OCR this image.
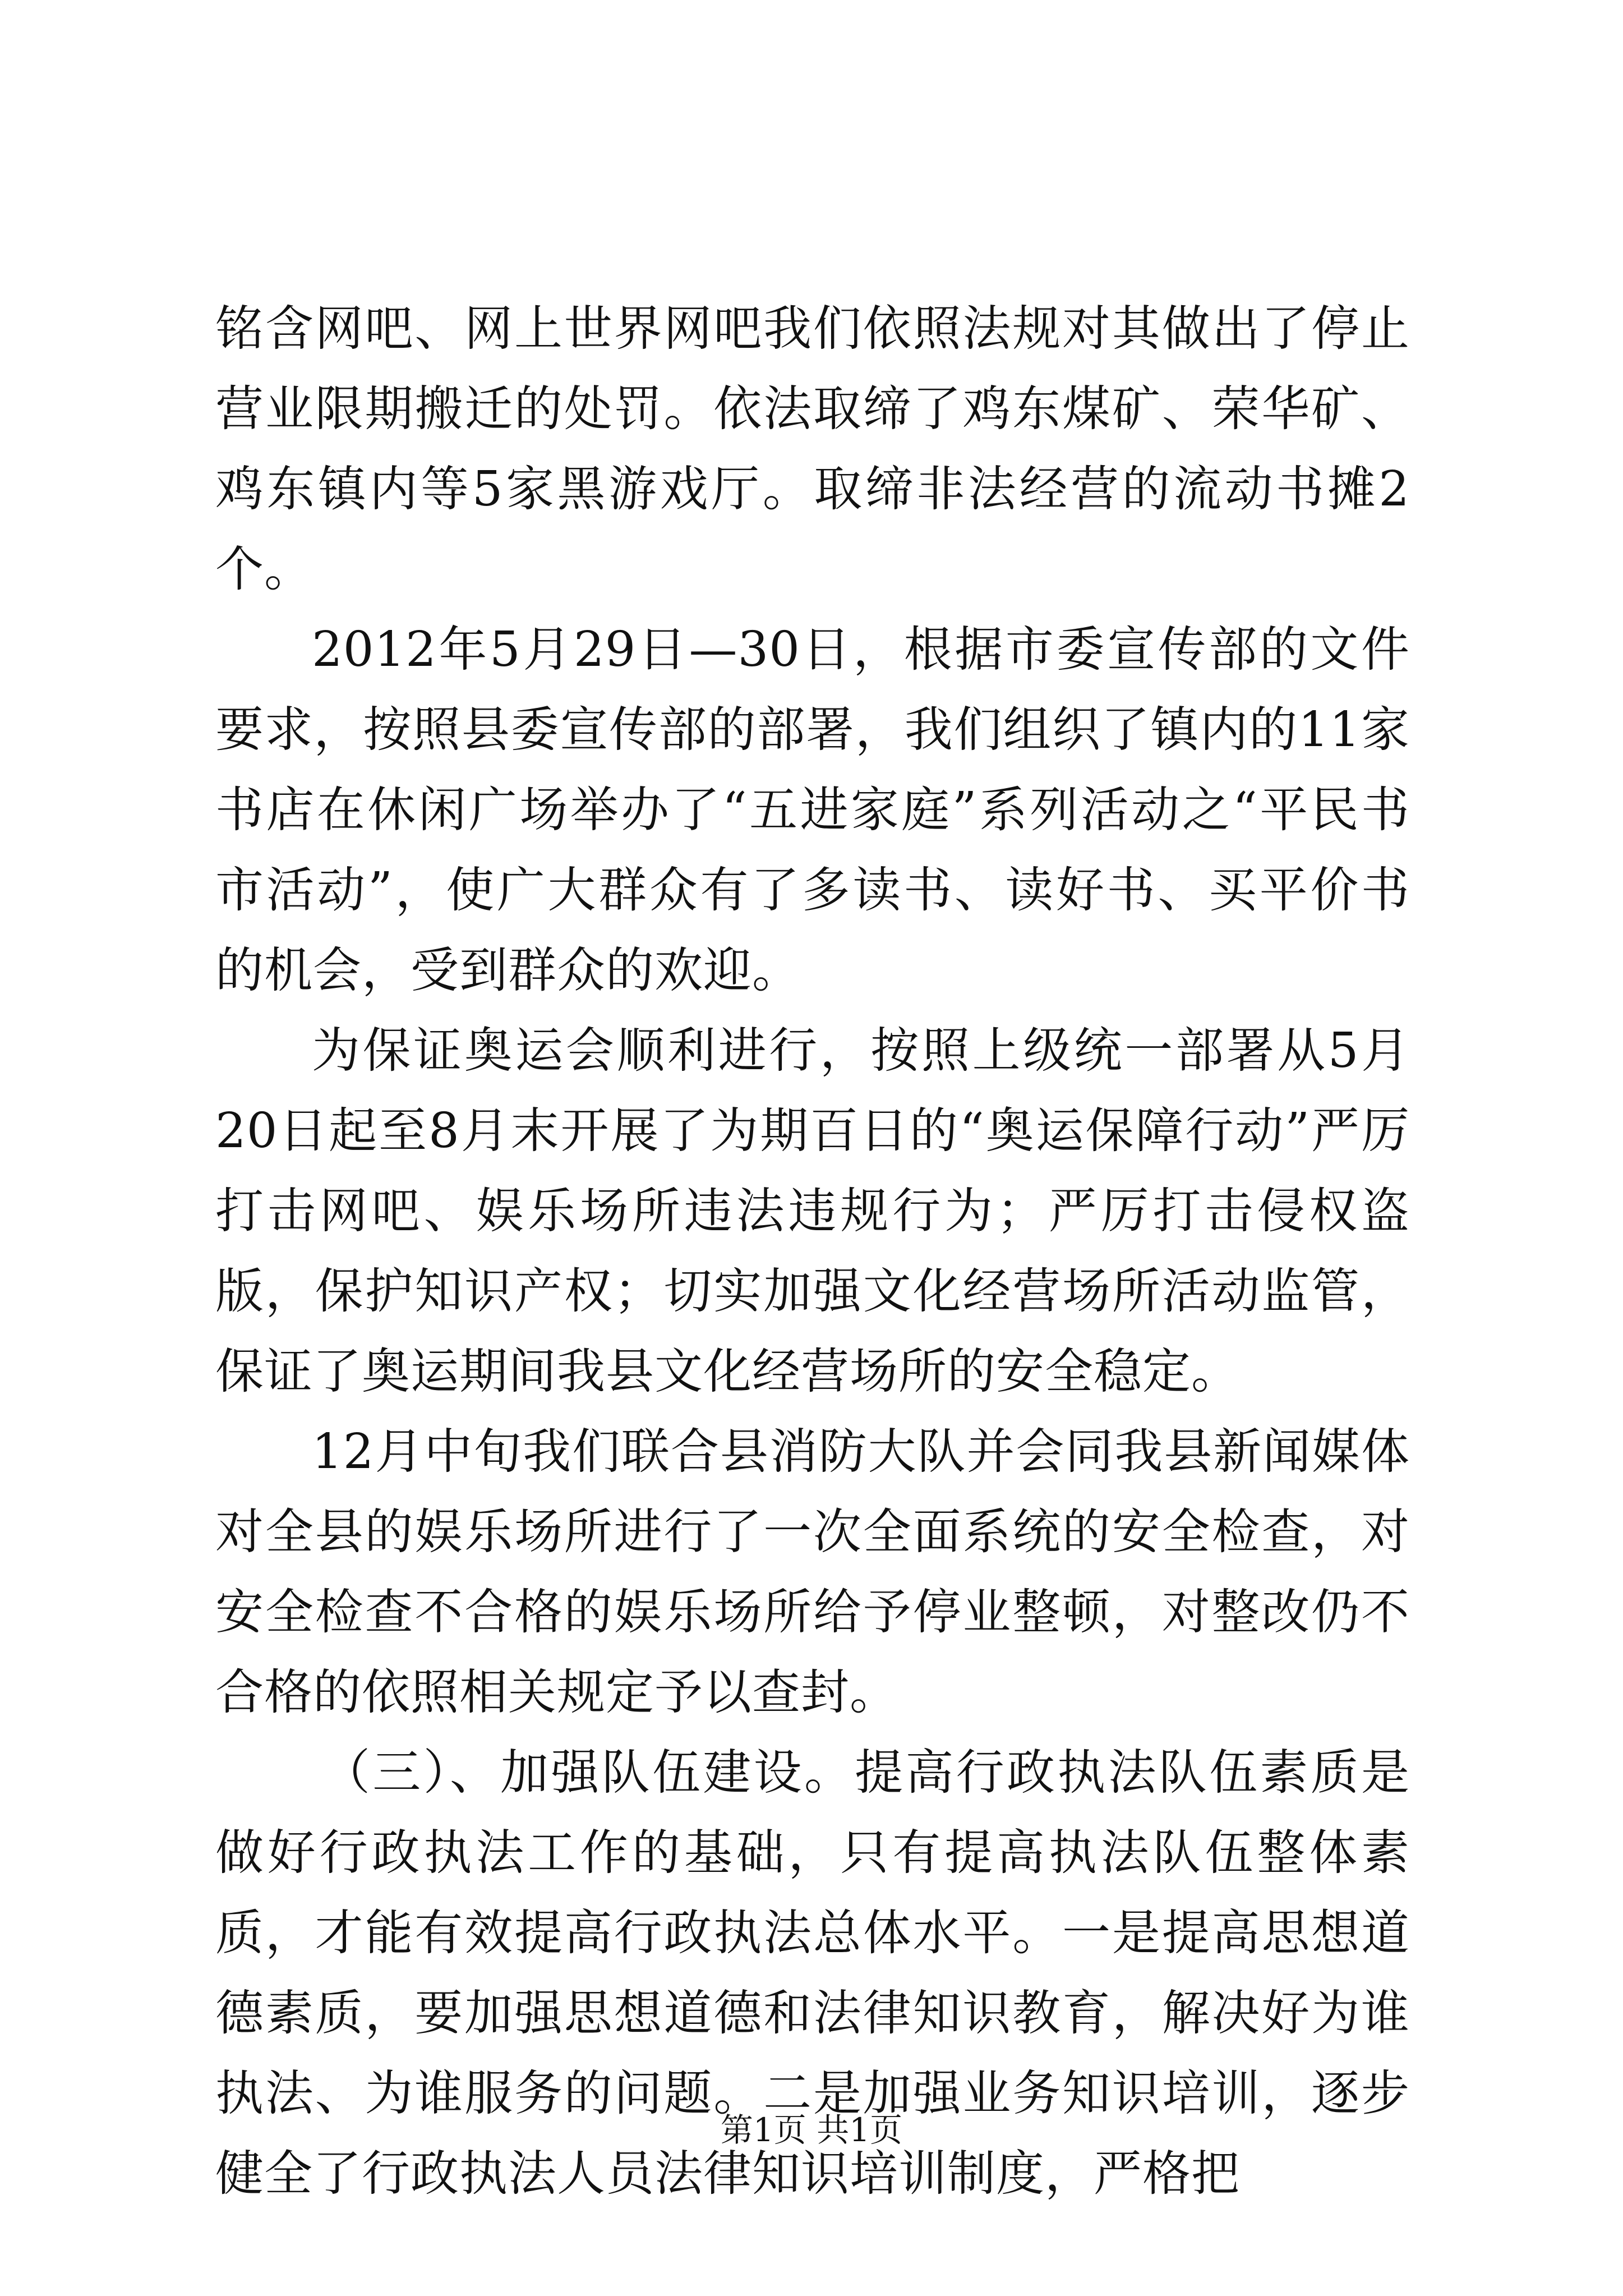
铭含网吧、网上世界网吧我们依照法规对其做出了停止营业限期搬迁的处罚。依法取缔了鸡东煤矿、荣华矿、鸡东镇内等5家黑游戏厅。取缔非法经营的流动书摊2个。

2012年5月29日—30日，根据市委宣传部的文件要求，按照县委宣传部的部署，我们组织了镇内的11家书店在休闲广场举办了“五进家庭”系列活动之“平民书市活动”，使广大群众有了多读书、读好书、买平价书的机会，受到群众的欢迎。

为保证奥运会顺利进行，按照上级统一部署从5月20日起至8月末开展了为期百日的“奥运保障行动”严厉打击网吧、娱乐场所违法违规行为；严厉打击侵权盗版，保护知识产权；切实加强文化经营场所活动监管，保证了奥运期间我县文化经营场所的安全稳定。

12月中旬我们联合县消防大队并会同我县新闻媒体对全县的娱乐场所进行了一次全面系统的安全检查，对安全检查不合格的娱乐场所给予停业整顿，对整改仍不合格的依照相关规定予以查封。

（三）、加强队伍建设。提高行政执法队伍素质是做好行政执法工作的基础，只有提高执法队伍整体素质，才能有效提高行政执法总体水平。一是提高思想道德素质，要加强思想道德和法律知识教育，解决好为谁执法、为谁服务的问题。二是加强业务知识培训，逐步健全了行政执法人员法律知识培训制度，严格把

第1页 共1页
